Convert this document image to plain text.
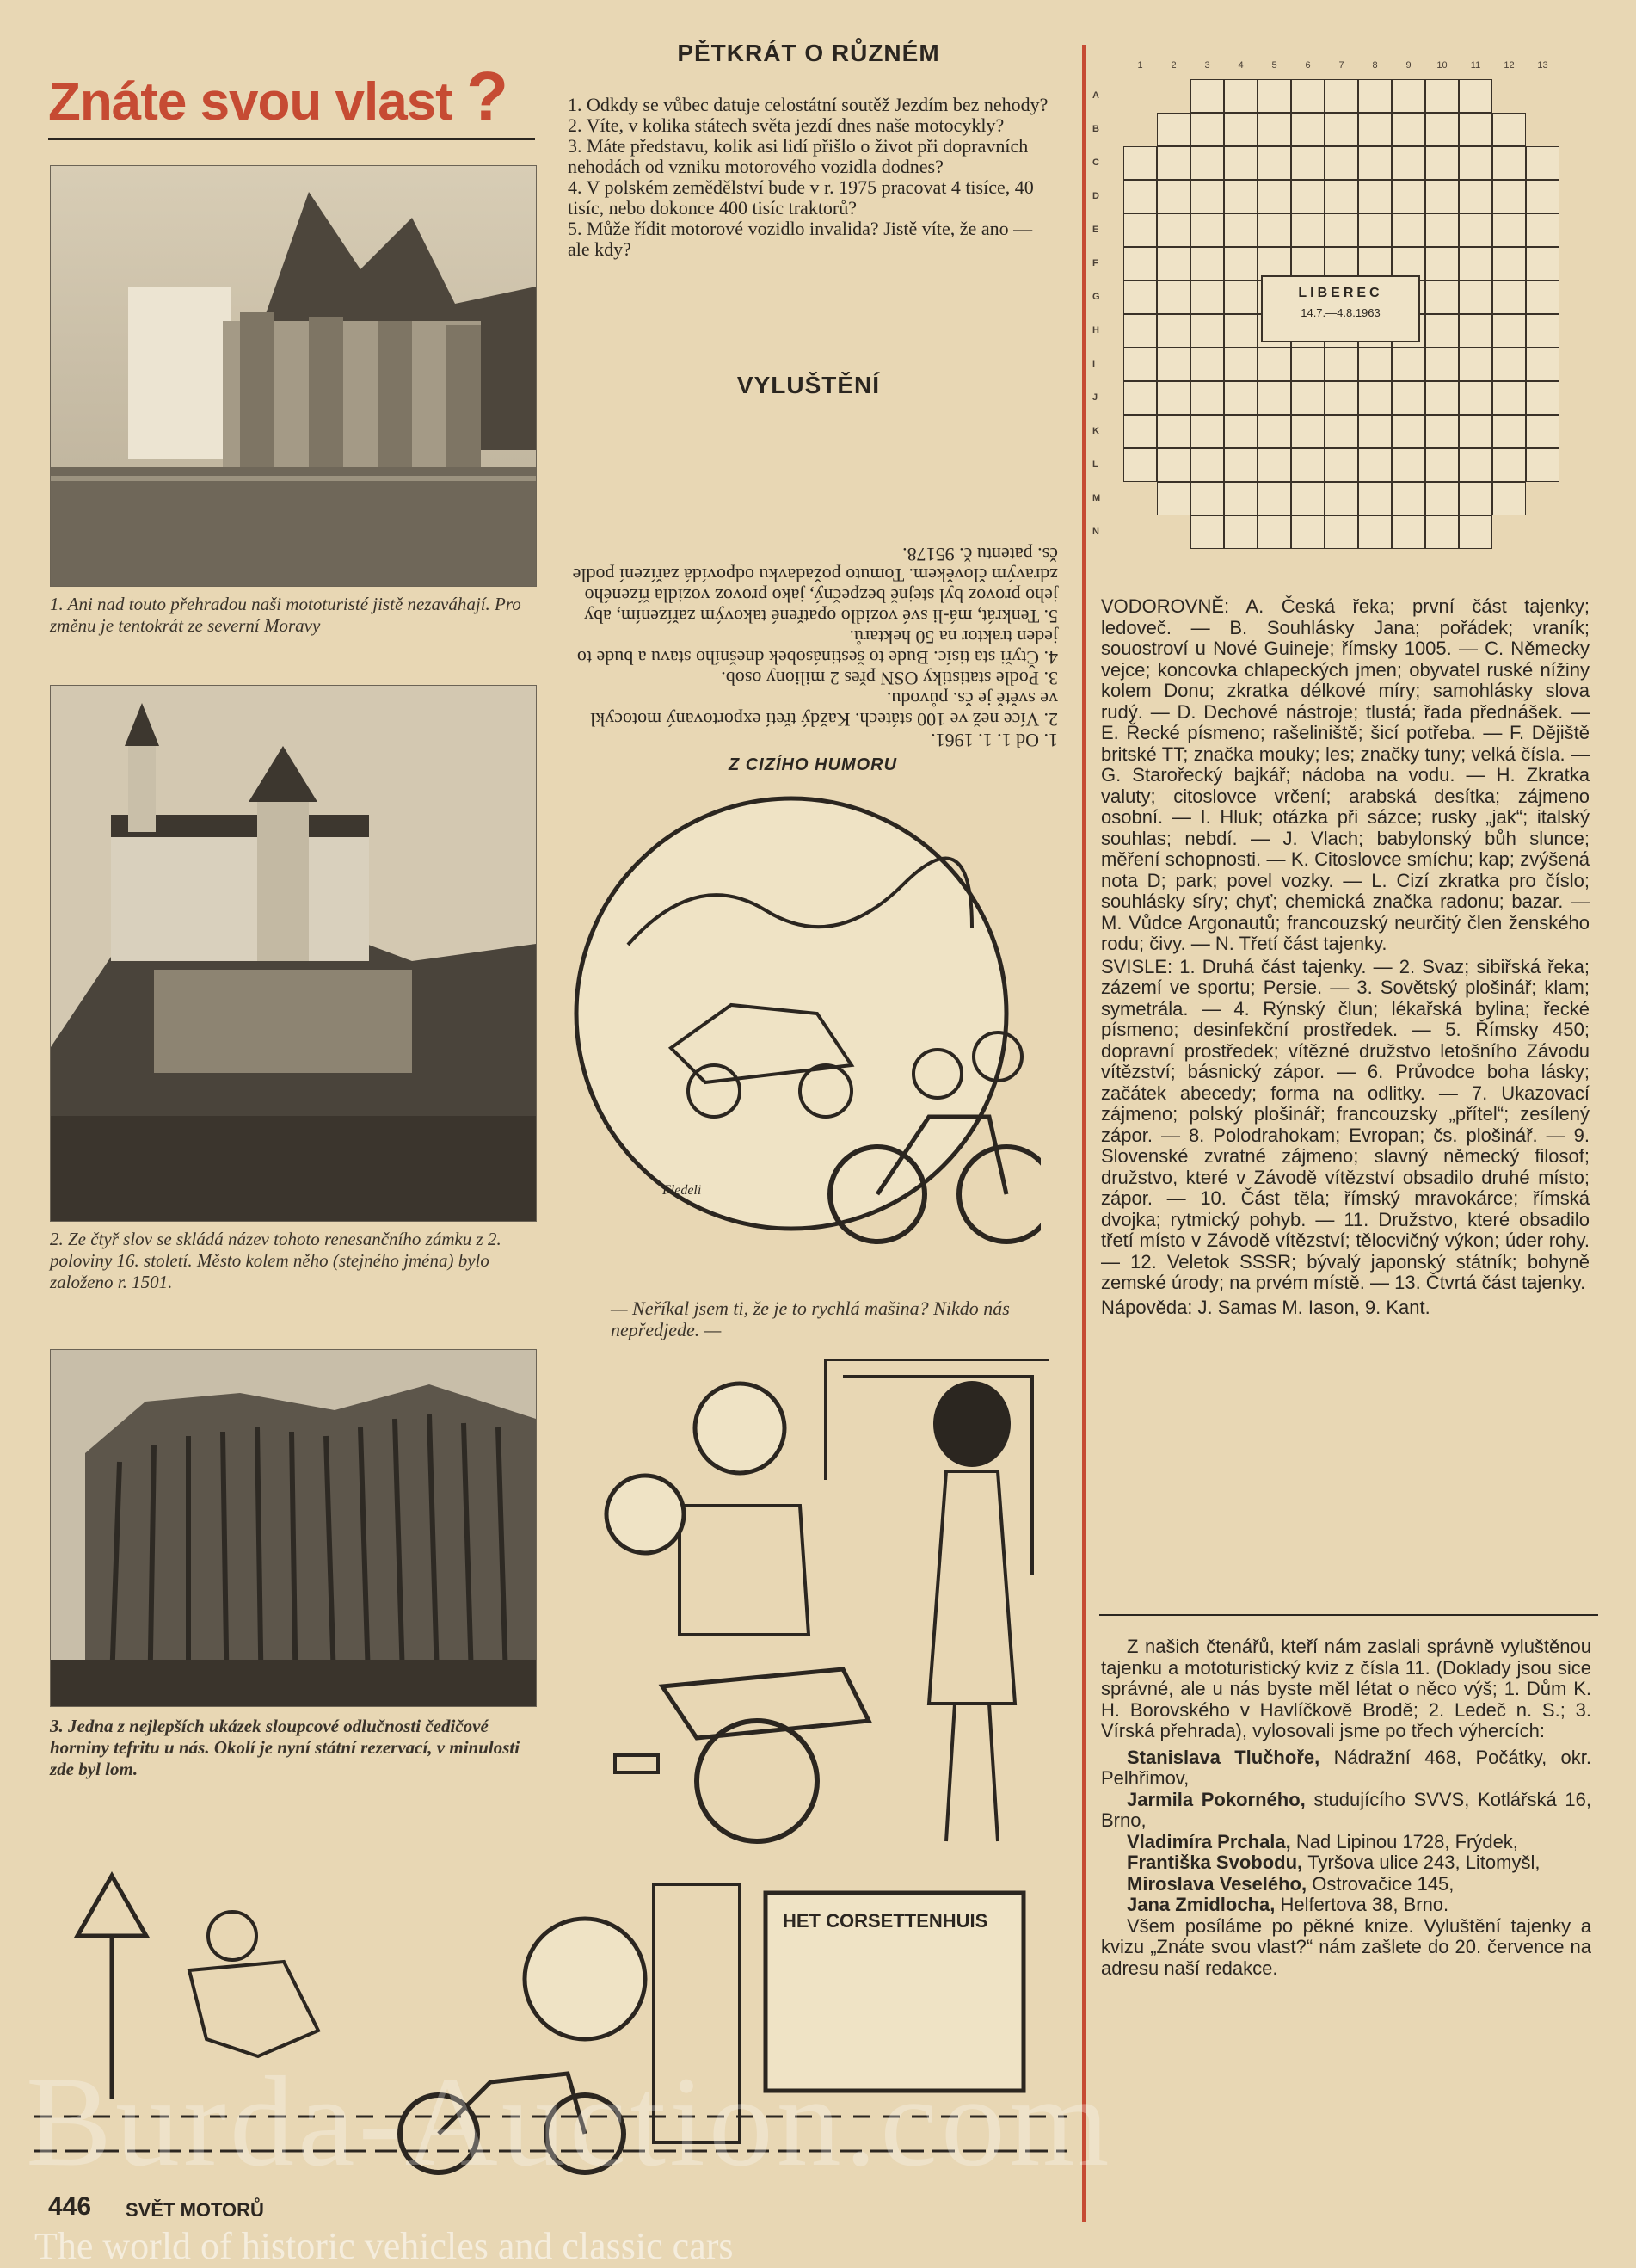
Znáte svou vlast ?
1. Ani nad touto přehradou naši mototuristé jistě nezaváhají. Pro změnu je tentokrát ze severní Moravy
2. Ze čtyř slov se skládá název tohoto renesančního zámku z 2. poloviny 16. století. Město kolem něho (stejného jména) bylo založeno r. 1501.
3. Jedna z nejlepších ukázek sloupcové odlučnosti čedičové horniny tefritu u nás. Okolí je nyní státní rezervací, v minulosti zde byl lom.
PĚTKRÁT O RŮZNÉM
1. Odkdy se vůbec datuje celostátní soutěž Jezdím bez nehody?
2. Víte, v kolika státech světa jezdí dnes naše motocykly?
3. Máte představu, kolik asi lidí přišlo o život při dopravních nehodách od vzniku motorového vozidla dodnes?
4. V polském zemědělství bude v r. 1975 pracovat 4 tisíce, 40 tisíc, nebo dokonce 400 tisíc traktorů?
5. Může řídit motorové vozidlo invalida? Jistě víte, že ano — ale kdy?
VYLUŠTĚNÍ
1. Od 1. 1. 1961.
2. Více než ve 100 státech. Každý třetí exportovaný motocykl ve světě je čs. původu.
3. Podle statistiky OSN přes 2 miliony osob.
4. Čtyři sta tisíc. Bude to šestinásobek dnešního stavu a bude to jeden traktor na 50 hektarů.
5. Tenkrát, má-li své vozidlo opatřené takovým zařízením, aby jeho provoz byl stejně bezpečný, jako provoz vozidla řízeného zdravým člověkem. Tomuto požadavku odpovídá zařízení podle čs. patentu č. 95178.
Z CIZÍHO HUMORU
Fledeli
— Neříkal jsem ti, že je to rychlá mašina? Nikdo nás nepředjede. —
1	2	3	4	5	6	7	8	9	10	11	12	13
A
B
C
D
E
F
G
H
I
J
K
L
M
N
LIBEREC
14.7.—4.8.1963
VODOROVNĚ: A. Česká řeka; první část tajenky; ledoveč. — B. Souhlásky Jana; pořádek; vraník; souostroví u Nové Guineje; římsky 1005. — C. Německy vejce; koncovka chlapeckých jmen; obyvatel ruské nížiny kolem Donu; zkratka délkové míry; samohlásky slova rudý. — D. Dechové nástroje; tlustá; řada přednášek. — E. Řecké písmeno; rašeliniště; šicí potřeba. — F. Dějiště britské TT; značka mouky; les; značky tuny; velká čísla. — G. Starořecký bajkář; nádoba na vodu. — H. Zkratka valuty; citoslovce vrčení; arabská desítka; zájmeno osobní. — I. Hluk; otázka při sázce; rusky „jak“; italský souhlas; nebdí. — J. Vlach; babylonský bůh slunce; měření schopnosti. — K. Citoslovce smíchu; kap; zvýšená nota D; park; povel vozky. — L. Cizí zkratka pro číslo; souhlásky síry; chyť; chemická značka radonu; bazar. — M. Vůdce Argonautů; francouzský neurčitý člen ženského rodu; čivy. — N. Třetí část tajenky.
SVISLE: 1. Druhá část tajenky. — 2. Svaz; sibiřská řeka; zázemí ve sportu; Persie. — 3. Sovětský plošinář; klam; symetrála. — 4. Rýnský člun; lékařská bylina; řecké písmeno; desinfekční prostředek. — 5. Římsky 450; dopravní prostředek; vítězné družstvo letošního Závodu vítězství; básnický zápor. — 6. Průvodce boha lásky; začátek abecedy; forma na odlitky. — 7. Ukazovací zájmeno; polský plošinář; francouzsky „přítel“; zesílený zápor. — 8. Polodrahokam; Evropan; čs. plošinář. — 9. Slovenské zvratné zájmeno; slavný německý filosof; družstvo, které v Závodě vítězství obsadilo druhé místo; zápor. — 10. Část těla; římský mravokárce; římská dvojka; rytmický pohyb. — 11. Družstvo, které obsadilo třetí místo v Závodě vítězství; tělocvičný výkon; úder rohy. — 12. Veletok SSSR; bývalý japonský státník; bohyně zemské úrody; na prvém místě. — 13. Čtvrtá část tajenky.
Nápověda: J. Samas M. Iason, 9. Kant.
Z našich čtenářů, kteří nám zaslali správně vyluštěnou tajenku a mototuristický kviz z čísla 11. (Doklady jsou sice správné, ale u nás byste měl létat o něco výš; 1. Dům K. H. Borovského v Havlíčkově Brodě; 2. Ledeč n. S.; 3. Vírská přehrada), vylosovali jsme po třech výhercích:
Stanislava Tlučhoře, Nádražní 468, Počátky, okr. Pelhřimov,
Jarmila Pokorného, studujícího SVVS, Kotlářská 16, Brno,
Vladimíra Prchala, Nad Lipinou 1728, Frýdek,
Františka Svobodu, Tyršova ulice 243, Litomyšl,
Miroslava Veselého, Ostrovačice 145,
Jana Zmidlocha, Helfertova 38, Brno.
Všem posíláme po pěkné knize. Vyluštění tajenky a kvizu „Znáte svou vlast?“ nám zašlete do 20. července na adresu naší redakce.
HET CORSETTENHUIS
446 SVĚT MOTORŮ
Burda-Auction.com
The world of historic vehicles and classic cars
